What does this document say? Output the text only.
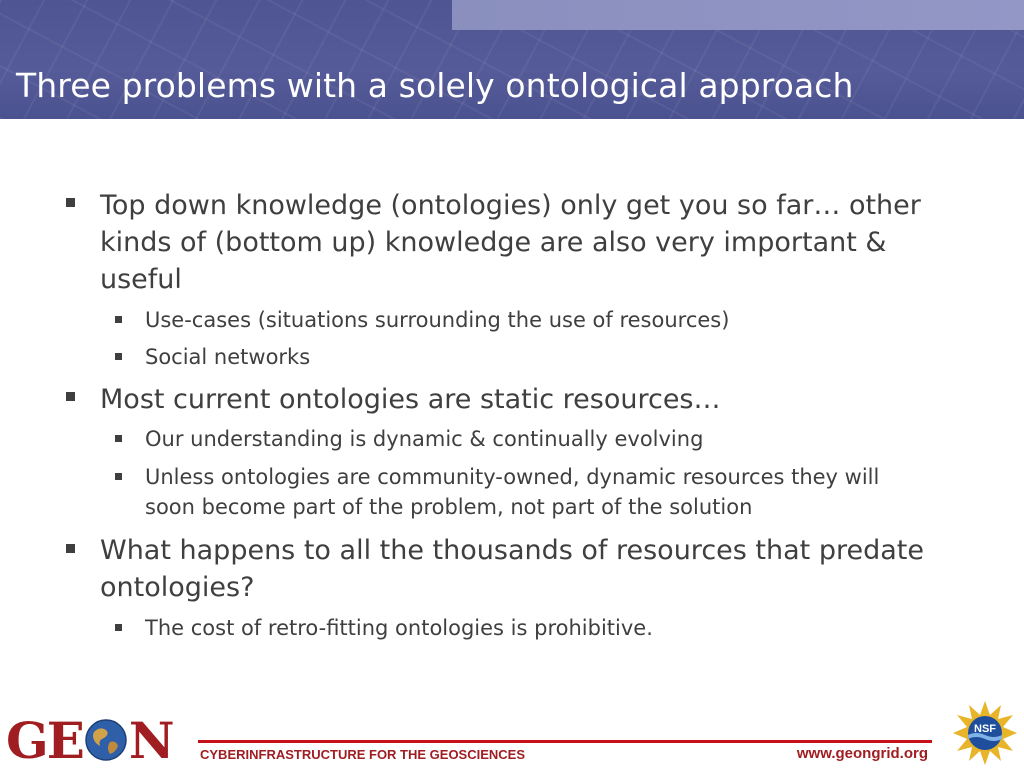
Three problems with a solely ontological approach
Top down knowledge (ontologies) only get you so far… other
kinds of (bottom up) knowledge are also very important &
useful
Use-cases (situations surrounding the use of resources)
Social networks
Most current ontologies are static resources…
Our understanding is dynamic & continually evolving
Unless ontologies are community-owned, dynamic resources they will
soon become part of the problem, not part of the solution
What happens to all the thousands of resources that predate
ontologies?
The cost of retro-fitting ontologies is prohibitive.
GE N CYBERINFRASTRUCTURE FOR THE GEOSCIENCES	www.geongrid.org
NSF
